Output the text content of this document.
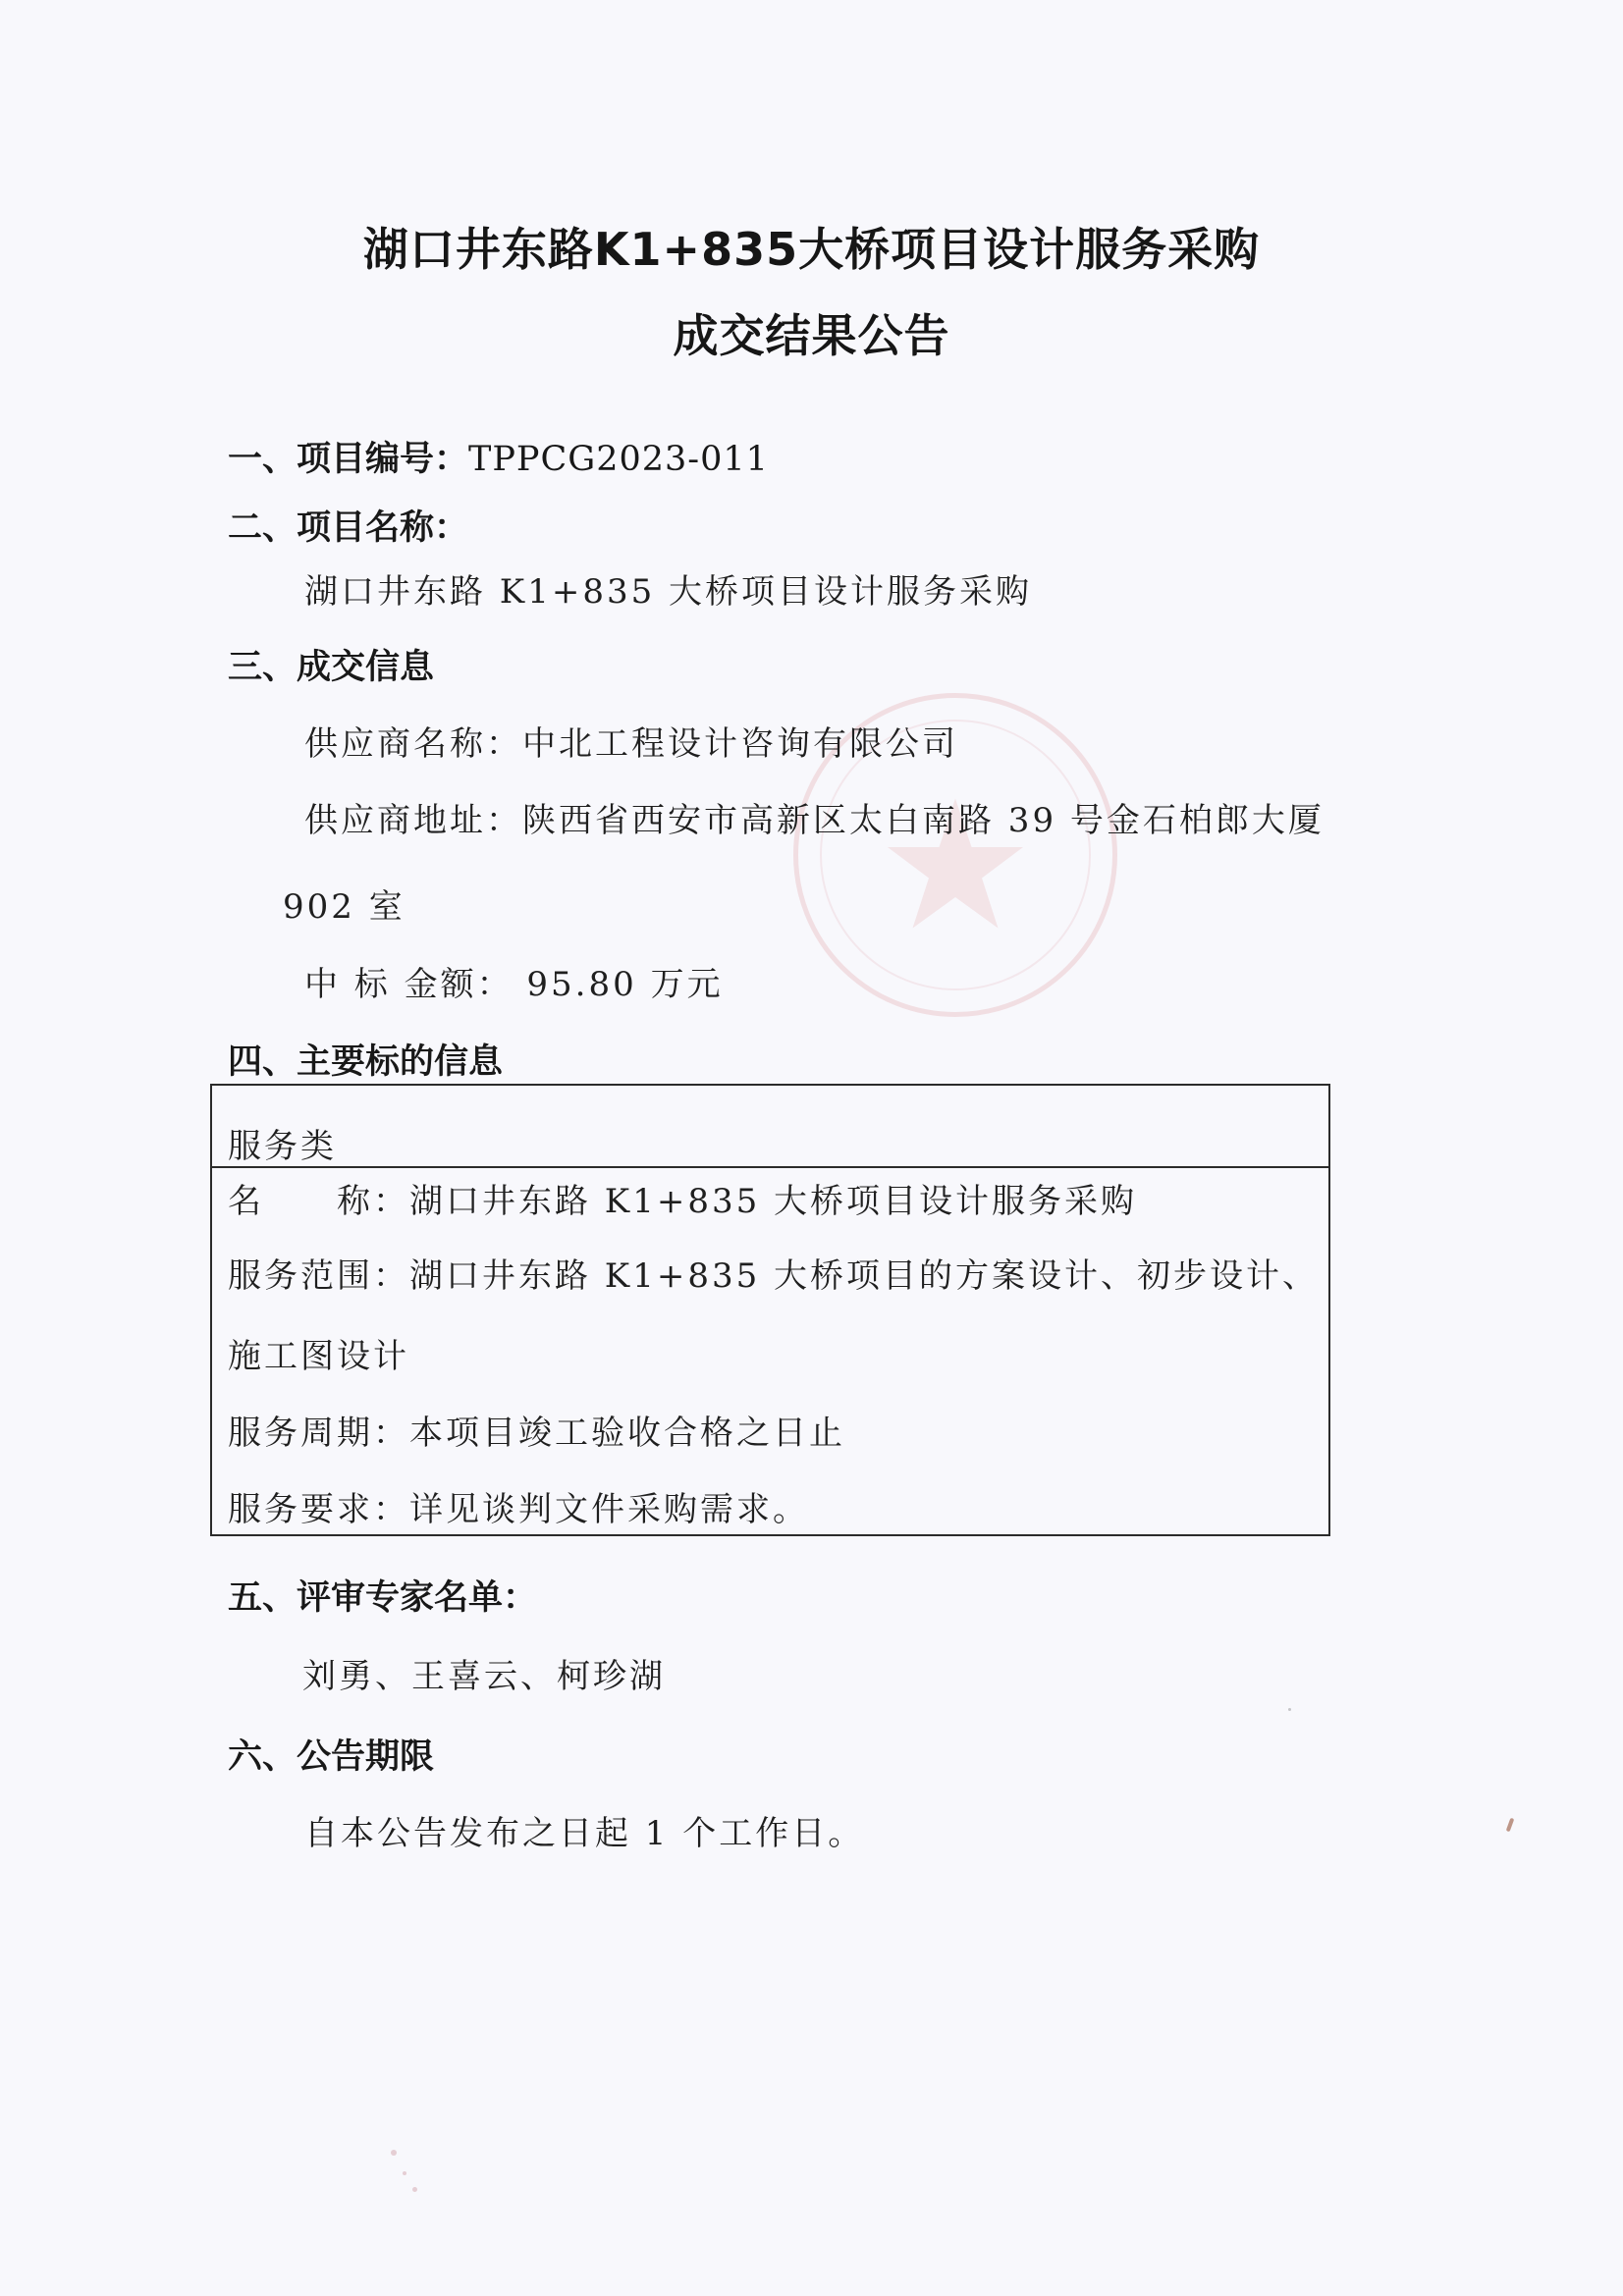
湖口井东路K1+835大桥项目设计服务采购
成交结果公告
一、项目编号：TPPCG2023-011
二、项目名称：
湖口井东路 K1+835 大桥项目设计服务采购
三、成交信息
供应商名称：中北工程设计咨询有限公司
供应商地址：陕西省西安市高新区太白南路 39 号金石柏郎大厦
902 室
中 标 金额： 95.80 万元
四、主要标的信息
服务类
名　　称：湖口井东路 K1+835 大桥项目设计服务采购
服务范围：湖口井东路 K1+835 大桥项目的方案设计、初步设计、
施工图设计
服务周期：本项目竣工验收合格之日止
服务要求：详见谈判文件采购需求。
五、评审专家名单：
刘勇、王喜云、柯珍湖
六、公告期限
自本公告发布之日起 1 个工作日。
